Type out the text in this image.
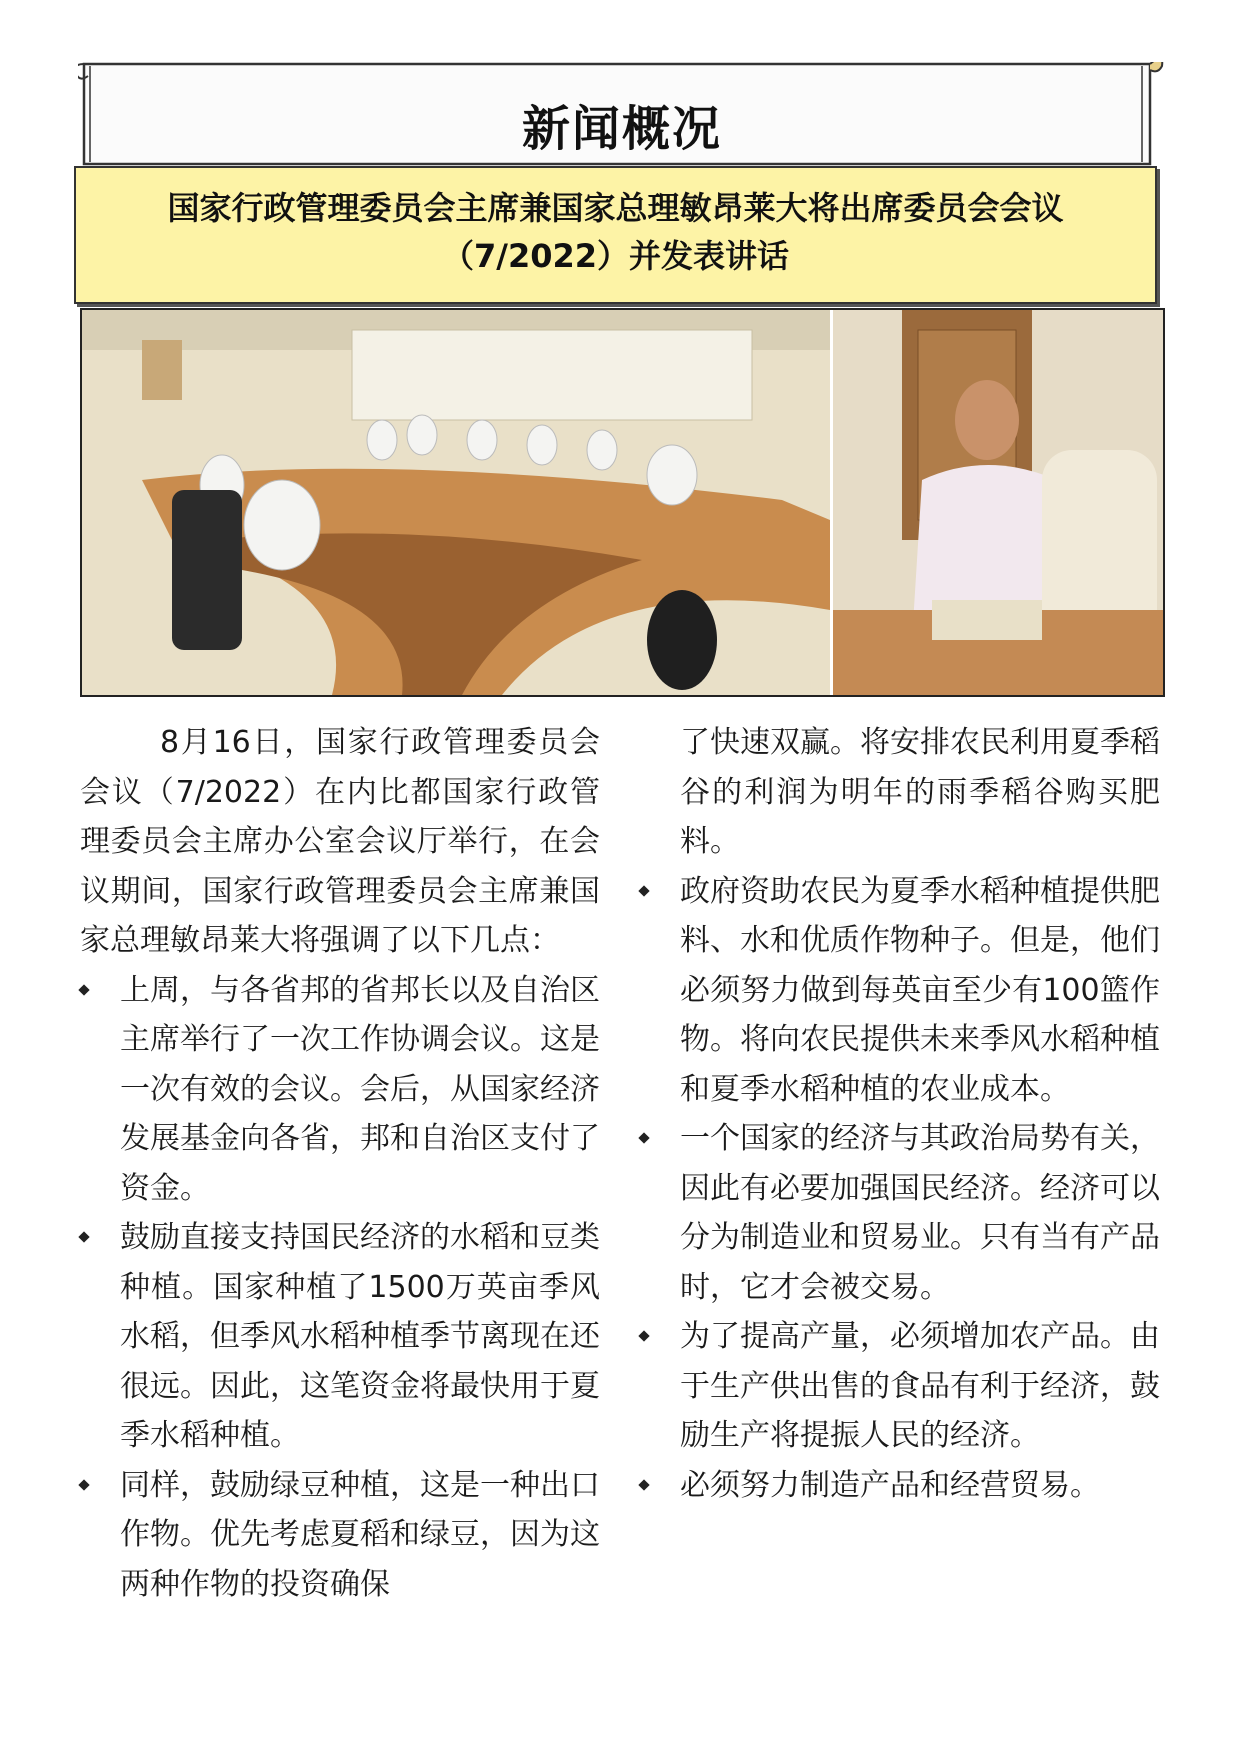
新闻概况
国家行政管理委员会主席兼国家总理敏昂莱大将出席委员会会议
（7/2022）并发表讲话

8月16日，国家行政管理委员会会议（7/2022）在内比都国家行政管理委员会主席办公室会议厅举行，在会议期间，国家行政管理委员会主席兼国家总理敏昂莱大将强调了以下几点：

上周，与各省邦的省邦长以及自治区主席举行了一次工作协调会议。这是一次有效的会议。会后，从国家经济发展基金向各省，邦和自治区支付了资金。

鼓励直接支持国民经济的水稻和豆类种植。国家种植了1500万英亩季风水稻，但季风水稻种植季节离现在还很远。因此，这笔资金将最快用于夏季水稻种植。

同样，鼓励绿豆种植，这是一种出口作物。优先考虑夏稻和绿豆，因为这两种作物的投资确保

了快速双赢。将安排农民利用夏季稻谷的利润为明年的雨季稻谷购买肥料。

政府资助农民为夏季水稻种植提供肥料、水和优质作物种子。但是，他们必须努力做到每英亩至少有100篮作物。将向农民提供未来季风水稻种植和夏季水稻种植的农业成本。

一个国家的经济与其政治局势有关，因此有必要加强国民经济。经济可以分为制造业和贸易业。只有当有产品时，它才会被交易。

为了提高产量，必须增加农产品。由于生产供出售的食品有利于经济，鼓励生产将提振人民的经济。

必须努力制造产品和经营贸易。
